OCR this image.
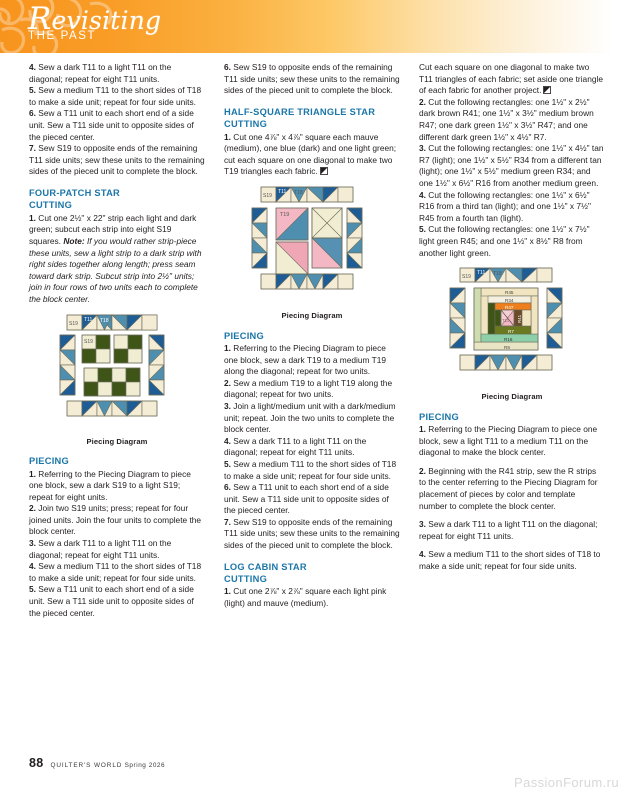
Revisiting
THE PAST

4. Sew a dark T11 to a light T11 on the diagonal; repeat for eight T11 units.

5. Sew a medium T11 to the short sides of T18 to make a side unit; repeat for four side units.

6. Sew a T11 unit to each short end of a side unit. Sew a T11 side unit to opposite sides of the pieced center.

7. Sew S19 to opposite ends of the remaining T11 side units; sew these units to the remaining sides of the pieced unit to complete the block.

FOUR-PATCH STAR
CUTTING

1. Cut one 2½" x 22" strip each light and dark green; subcut each strip into eight S19 squares. Note: If you would rather strip-piece these units, sew a light strip to a dark strip with right sides together along length; press seam toward dark strip. Subcut strip into 2½" units; join in four rows of two units each to complete the block center.

S19
T11 T18
S19
Piecing Diagram
PIECING

1. Referring to the Piecing Diagram to piece one block, sew a dark S19 to a light S19; repeat for eight units.

2. Join two S19 units; press; repeat for four joined units. Join the four units to complete the block center.

3. Sew a dark T11 to a light T11 on the diagonal; repeat for eight T11 units.

4. Sew a medium T11 to the short sides of T18 to make a side unit; repeat for four side units.

5. Sew a T11 unit to each short end of a side unit. Sew a T11 side unit to opposite sides of the pieced center.

6. Sew S19 to opposite ends of the remaining T11 side units; sew these units to the remaining sides of the pieced unit to complete the block.

HALF-SQUARE TRIANGLE STAR
CUTTING

1. Cut one 4⅞" x 4⅞" square each mauve (medium), one blue (dark) and one light green; cut each square on one diagonal to make two T19 triangles each fabric.

S19
T11 T18
T19
Piecing Diagram
PIECING

1. Referring to the Piecing Diagram to piece one block, sew a dark T19 to a medium T19 along the diagonal; repeat for two units.

2. Sew a medium T19 to a light T19 along the diagonal; repeat for two units.

3. Join a light/medium unit with a dark/medium unit; repeat. Join the two units to complete the block center.

4. Sew a dark T11 to a light T11 on the diagonal; repeat for eight T11 units.

5. Sew a medium T11 to the short sides of T18 to make a side unit; repeat for four side units.

6. Sew a T11 unit to each short end of a side unit. Sew a T11 side unit to opposite sides of the pieced center.

7. Sew S19 to opposite ends of the remaining T11 side units; sew these units to the remaining sides of the pieced unit to complete the block.

LOG CABIN STAR
CUTTING

1. Cut one 2⅞" x 2⅞" square each light pink (light) and mauve (medium).

Cut each square on one diagonal to make two T11 triangles of each fabric; set aside one triangle of each fabric for another project.

2. Cut the following rectangles: one 1½" x 2½" dark brown R41; one 1½" x 3½" medium brown R47; one dark green 1½" x 3½" R47; and one different dark green 1½" x 4½" R7.

3. Cut the following rectangles: one 1½" x 4½" tan R7 (light); one 1½" x 5½" R34 from a different tan (light); one 1½" x 5½" medium green R34; and one 1½" x 6½" R16 from another medium green.

4. Cut the following rectangles: one 1½" x 6½" R16 from a third tan (light); and one 1½" x 7½" R45 from a fourth tan (light).

5. Cut the following rectangles: one 1½" x 7½" light green R45; and one 1½" x 8½" R8 from another light green.

R45
R34
R47
R7
R16
R8
T11 R41
S19
T11 T18
Piecing Diagram
PIECING

1. Referring to the Piecing Diagram to piece one block, sew a light T11 to a medium T11 on the diagonal to make the block center.

2. Beginning with the R41 strip, sew the R strips to the center referring to the Piecing Diagram for placement of pieces by color and template number to complete the block center.

3. Sew a dark T11 to a light T11 on the diagonal; repeat for eight T11 units.

4. Sew a medium T11 to the short sides of T18 to make a side unit; repeat for four side units.

88 QUILTER'S WORLD Spring 2026
PassionForum.ru
